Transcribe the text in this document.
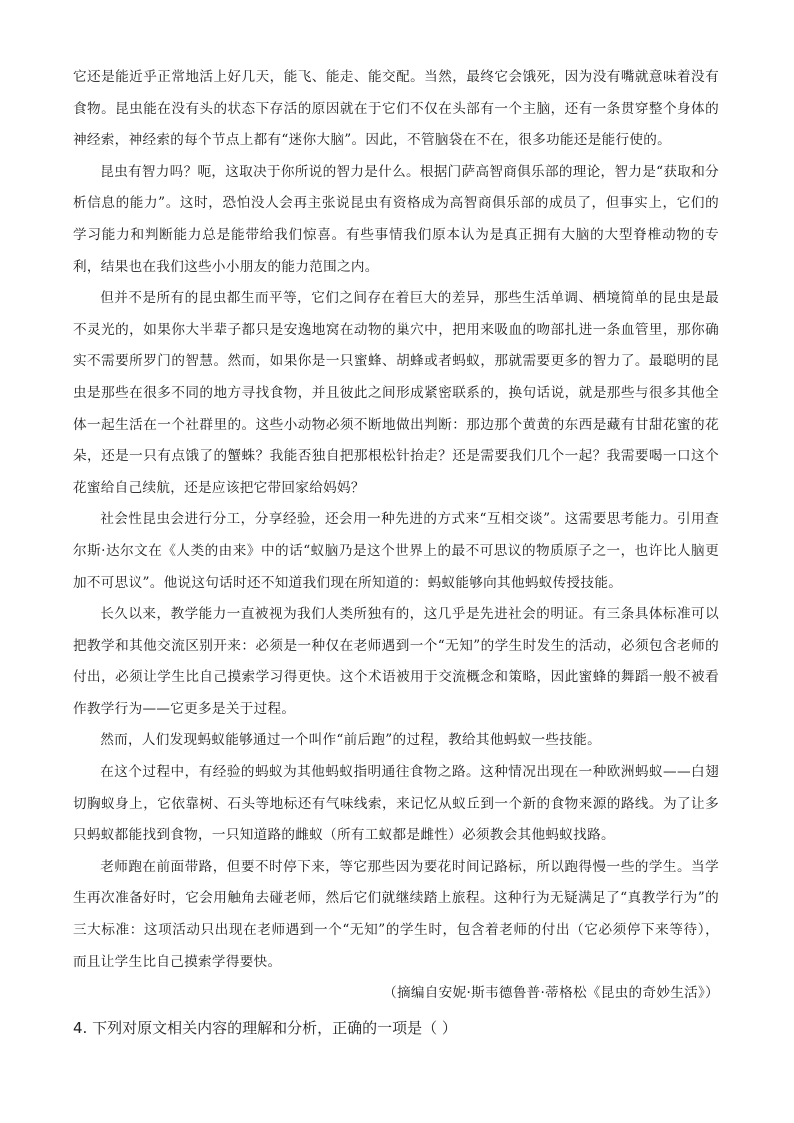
它还是能近乎正常地活上好几天，能飞、能走、能交配。当然，最终它会饿死，因为没有嘴就意味着没有食物。昆虫能在没有头的状态下存活的原因就在于它们不仅在头部有一个主脑，还有一条贯穿整个身体的神经索，神经索的每个节点上都有“迷你大脑”。因此，不管脑袋在不在，很多功能还是能行使的。

昆虫有智力吗？呃，这取决于你所说的智力是什么。根据门萨高智商俱乐部的理论，智力是“获取和分析信息的能力”。这时，恐怕没人会再主张说昆虫有资格成为高智商俱乐部的成员了，但事实上，它们的学习能力和判断能力总是能带给我们惊喜。有些事情我们原本认为是真正拥有大脑的大型脊椎动物的专利，结果也在我们这些小小朋友的能力范围之内。

但并不是所有的昆虫都生而平等，它们之间存在着巨大的差异，那些生活单调、栖境简单的昆虫是最不灵光的，如果你大半辈子都只是安逸地窝在动物的巢穴中，把用来吸血的吻部扎进一条血管里，那你确实不需要所罗门的智慧。然而，如果你是一只蜜蜂、胡蜂或者蚂蚁，那就需要更多的智力了。最聪明的昆虫是那些在很多不同的地方寻找食物，并且彼此之间形成紧密联系的，换句话说，就是那些与很多其他全体一起生活在一个社群里的。这些小动物必须不断地做出判断：那边那个黄黄的东西是藏有甘甜花蜜的花朵，还是一只有点饿了的蟹蛛？我能否独自把那根松针抬走？还是需要我们几个一起？我需要喝一口这个花蜜给自己续航，还是应该把它带回家给妈妈？

社会性昆虫会进行分工，分享经验，还会用一种先进的方式来“互相交谈”。这需要思考能力。引用查尔斯·达尔文在《人类的由来》中的话“蚁脑乃是这个世界上的最不可思议的物质原子之一，也许比人脑更加不可思议”。他说这句话时还不知道我们现在所知道的：蚂蚁能够向其他蚂蚁传授技能。

长久以来，教学能力一直被视为我们人类所独有的，这几乎是先进社会的明证。有三条具体标准可以把教学和其他交流区别开来：必须是一种仅在老师遇到一个“无知”的学生时发生的活动，必须包含老师的付出，必须让学生比自己摸索学习得更快。这个术语被用于交流概念和策略，因此蜜蜂的舞蹈一般不被看作教学行为——它更多是关于过程。

然而，人们发现蚂蚁能够通过一个叫作“前后跑”的过程，教给其他蚂蚁一些技能。

在这个过程中，有经验的蚂蚁为其他蚂蚁指明通往食物之路。这种情况出现在一种欧洲蚂蚁——白翅切胸蚁身上，它依靠树、石头等地标还有气味线索，来记忆从蚁丘到一个新的食物来源的路线。为了让多只蚂蚁都能找到食物，一只知道路的雌蚁（所有工蚁都是雌性）必须教会其他蚂蚁找路。

老师跑在前面带路，但要不时停下来，等它那些因为要花时间记路标，所以跑得慢一些的学生。当学生再次准备好时，它会用触角去碰老师，然后它们就继续踏上旅程。这种行为无疑满足了“真教学行为”的三大标准：这项活动只出现在老师遇到一个“无知”的学生时，包含着老师的付出（它必须停下来等待），而且让学生比自己摸索学得要快。

（摘编自安妮·斯韦德鲁普·蒂格松《昆虫的奇妙生活》）

4. 下列对原文相关内容的理解和分析，正确的一项是（ ）
